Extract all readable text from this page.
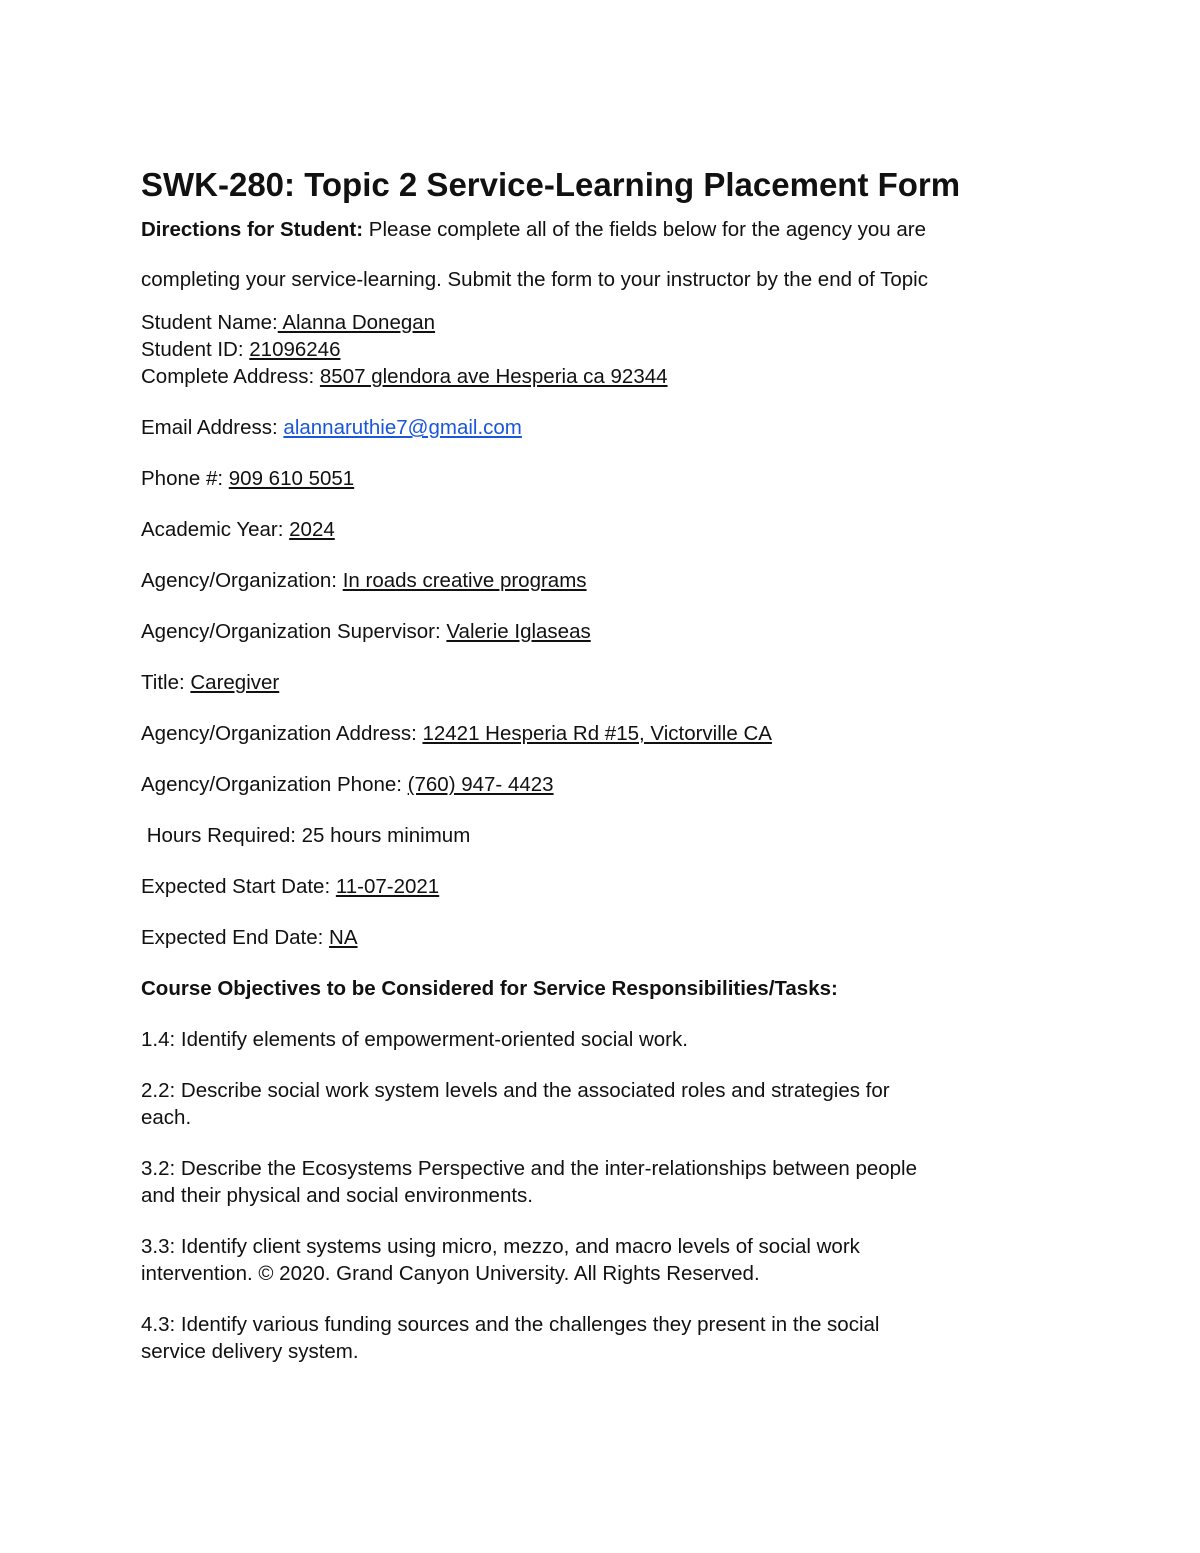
SWK-280: Topic 2 Service-Learning Placement Form

Directions for Student: Please complete all of the fields below for the agency you are

completing your service-learning. Submit the form to your instructor by the end of Topic

Student Name: Alanna Donegan

Student ID: 21096246

Complete Address: 8507 glendora ave Hesperia ca 92344

Email Address: alannaruthie7@gmail.com

Phone #: 909 610 5051

Academic Year: 2024

Agency/Organization: In roads creative programs

Agency/Organization Supervisor: Valerie Iglaseas

Title: Caregiver

Agency/Organization Address: 12421 Hesperia Rd #15, Victorville CA

Agency/Organization Phone: (760) 947- 4423

Hours Required: 25 hours minimum

Expected Start Date: 11-07-2021

Expected End Date: NA

Course Objectives to be Considered for Service Responsibilities/Tasks:

1.4: Identify elements of empowerment-oriented social work.
2.2: Describe social work system levels and the associated roles and strategies for
each.
3.2: Describe the Ecosystems Perspective and the inter-relationships between people
and their physical and social environments.
3.3: Identify client systems using micro, mezzo, and macro levels of social work
intervention. © 2020. Grand Canyon University. All Rights Reserved.
4.3: Identify various funding sources and the challenges they present in the social
service delivery system.
